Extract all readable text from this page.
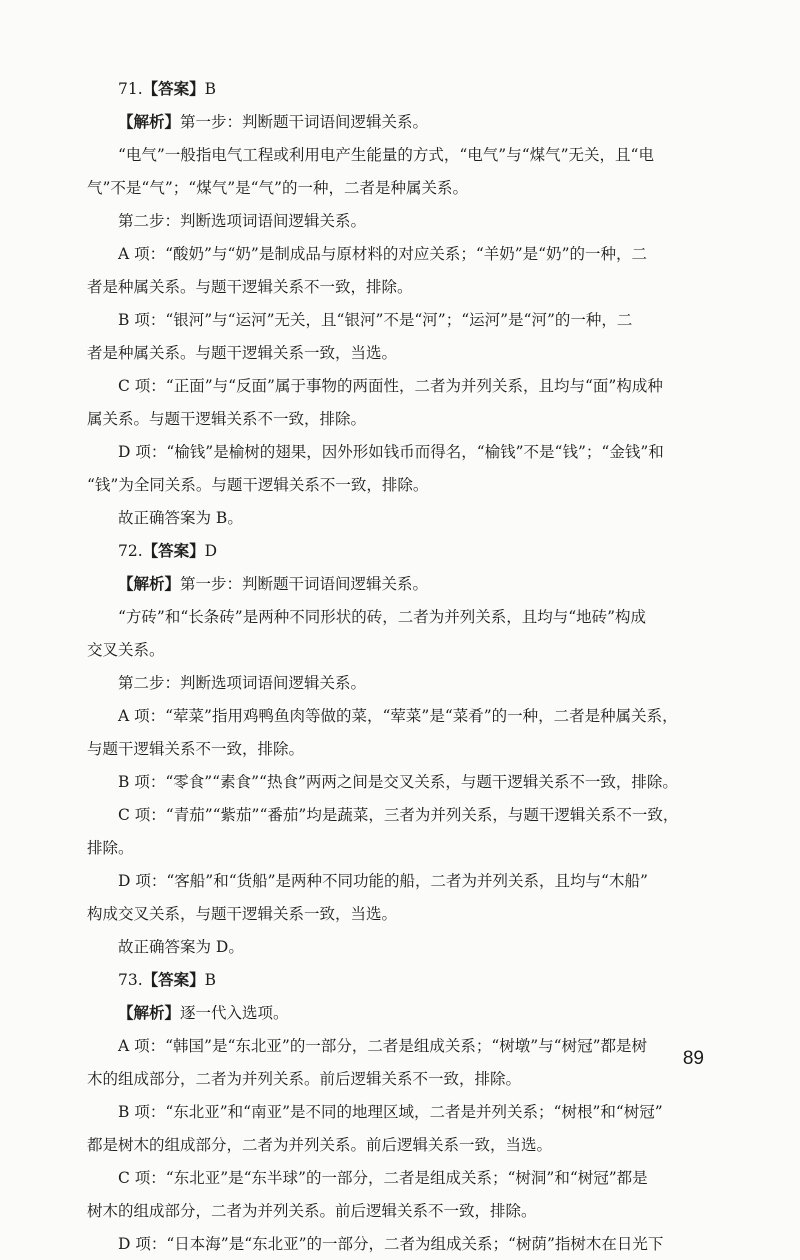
71.【答案】B

【解析】第一步：判断题干词语间逻辑关系。

“电气”一般指电气工程或利用电产生能量的方式，“电气”与“煤气”无关，且“电

气”不是“气”；“煤气”是“气”的一种，二者是种属关系。

第二步：判断选项词语间逻辑关系。

A 项：“酸奶”与“奶”是制成品与原材料的对应关系；“羊奶”是“奶”的一种，二

者是种属关系。与题干逻辑关系不一致，排除。

B 项：“银河”与“运河”无关，且“银河”不是“河”；“运河”是“河”的一种，二

者是种属关系。与题干逻辑关系一致，当选。

C 项：“正面”与“反面”属于事物的两面性，二者为并列关系，且均与“面”构成种

属关系。与题干逻辑关系不一致，排除。

D 项：“榆钱”是榆树的翅果，因外形如钱币而得名，“榆钱”不是“钱”；“金钱”和

“钱”为全同关系。与题干逻辑关系不一致，排除。

故正确答案为 B。

72.【答案】D

【解析】第一步：判断题干词语间逻辑关系。

“方砖”和“长条砖”是两种不同形状的砖，二者为并列关系，且均与“地砖”构成

交叉关系。

第二步：判断选项词语间逻辑关系。

A 项：“荤菜”指用鸡鸭鱼肉等做的菜，“荤菜”是“菜肴”的一种，二者是种属关系，

与题干逻辑关系不一致，排除。

B 项：“零食”“素食”“热食”两两之间是交叉关系，与题干逻辑关系不一致，排除。

C 项：“青茄”“紫茄”“番茄”均是蔬菜，三者为并列关系，与题干逻辑关系不一致，

排除。

D 项：“客船”和“货船”是两种不同功能的船，二者为并列关系，且均与“木船”

构成交叉关系，与题干逻辑关系一致，当选。

故正确答案为 D。

73.【答案】B

【解析】逐一代入选项。

A 项：“韩国”是“东北亚”的一部分，二者是组成关系；“树墩”与“树冠”都是树

木的组成部分，二者为并列关系。前后逻辑关系不一致，排除。

B 项：“东北亚”和“南亚”是不同的地理区域，二者是并列关系；“树根”和“树冠”

都是树木的组成部分，二者为并列关系。前后逻辑关系一致，当选。

C 项：“东北亚”是“东半球”的一部分，二者是组成关系；“树洞”和“树冠”都是

树木的组成部分，二者为并列关系。前后逻辑关系不一致，排除。

D 项：“日本海”是“东北亚”的一部分，二者为组成关系；“树荫”指树木在日光下

89
